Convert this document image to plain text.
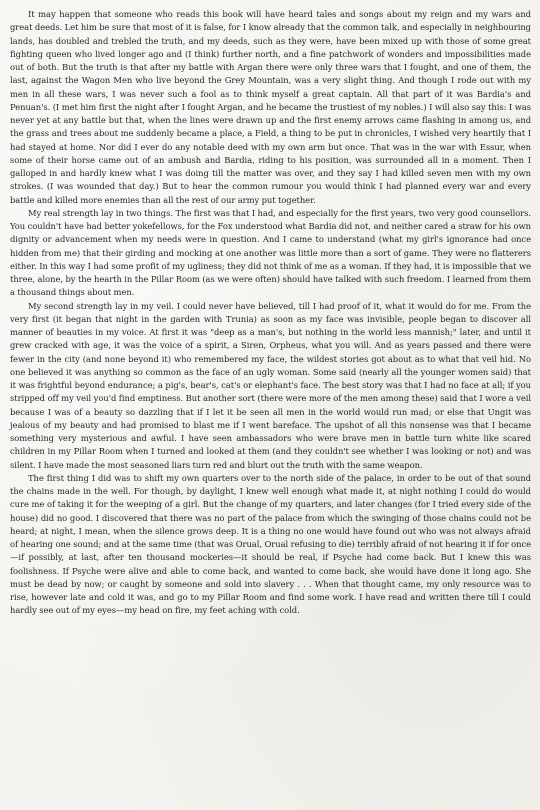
It may happen that someone who reads this book will have heard tales and songs about my reign and my wars and great deeds. Let him be sure that most of it is false, for I know already that the common talk, and especially in neighbouring lands, has doubled and trebled the truth, and my deeds, such as they were, have been mixed up with those of some great fighting queen who lived longer ago and (I think) further north, and a fine patchwork of wonders and impossibilities made out of both. But the truth is that after my battle with Argan there were only three wars that I fought, and one of them, the last, against the Wagon Men who live beyond the Grey Mountain, was a very slight thing. And though I rode out with my men in all these wars, I was never such a fool as to think myself a great captain. All that part of it was Bardia's and Penuan's. (I met him first the night after I fought Argan, and he became the trustiest of my nobles.) I will also say this: I was never yet at any battle but that, when the lines were drawn up and the first enemy arrows came flashing in among us, and the grass and trees about me suddenly became a place, a Field, a thing to be put in chronicles, I wished very heartily that I had stayed at home. Nor did I ever do any notable deed with my own arm but once. That was in the war with Essur, when some of their horse came out of an ambush and Bardia, riding to his position, was surrounded all in a moment. Then I galloped in and hardly knew what I was doing till the matter was over, and they say I had killed seven men with my own strokes. (I was wounded that day.) But to hear the common rumour you would think I had planned every war and every battle and killed more enemies than all the rest of our army put together.

My real strength lay in two things. The first was that I had, and especially for the first years, two very good counsellors. You couldn't have had better yokefellows, for the Fox understood what Bardia did not, and neither cared a straw for his own dignity or advancement when my needs were in question. And I came to understand (what my girl's ignorance had once hidden from me) that their girding and mocking at one another was little more than a sort of game. They were no flatterers either. In this way I had some profit of my ugliness; they did not think of me as a woman. If they had, it is impossible that we three, alone, by the hearth in the Pillar Room (as we were often) should have talked with such freedom. I learned from them a thousand things about men.

My second strength lay in my veil. I could never have believed, till I had proof of it, what it would do for me. From the very first (it began that night in the garden with Trunia) as soon as my face was invisible, people began to discover all manner of beauties in my voice. At first it was "deep as a man's, but nothing in the world less mannish;" later, and until it grew cracked with age, it was the voice of a spirit, a Siren, Orpheus, what you will. And as years passed and there were fewer in the city (and none beyond it) who remembered my face, the wildest stories got about as to what that veil hid. No one believed it was anything so common as the face of an ugly woman. Some said (nearly all the younger women said) that it was frightful beyond endurance; a pig's, bear's, cat's or elephant's face. The best story was that I had no face at all; if you stripped off my veil you'd find emptiness. But another sort (there were more of the men among these) said that I wore a veil because I was of a beauty so dazzling that if I let it be seen all men in the world would run mad; or else that Ungit was jealous of my beauty and had promised to blast me if I went bareface. The upshot of all this nonsense was that I became something very mysterious and awful. I have seen ambassadors who were brave men in battle turn white like scared children in my Pillar Room when I turned and looked at them (and they couldn't see whether I was looking or not) and was silent. I have made the most seasoned liars turn red and blurt out the truth with the same weapon.

The first thing I did was to shift my own quarters over to the north side of the palace, in order to be out of that sound the chains made in the well. For though, by daylight, I knew well enough what made it, at night nothing I could do would cure me of taking it for the weeping of a girl. But the change of my quarters, and later changes (for I tried every side of the house) did no good. I discovered that there was no part of the palace from which the swinging of those chains could not be heard; at night, I mean, when the silence grows deep. It is a thing no one would have found out who was not always afraid of hearing one sound; and at the same time (that was Orual, Orual refusing to die) terribly afraid of not hearing it if for once—if possibly, at last, after ten thousand mockeries—it should be real, if Psyche had come back. But I knew this was foolishness. If Psyche were alive and able to come back, and wanted to come back, she would have done it long ago. She must be dead by now; or caught by someone and sold into slavery . . . When that thought came, my only resource was to rise, however late and cold it was, and go to my Pillar Room and find some work. I have read and written there till I could hardly see out of my eyes—my head on fire, my feet aching with cold.
